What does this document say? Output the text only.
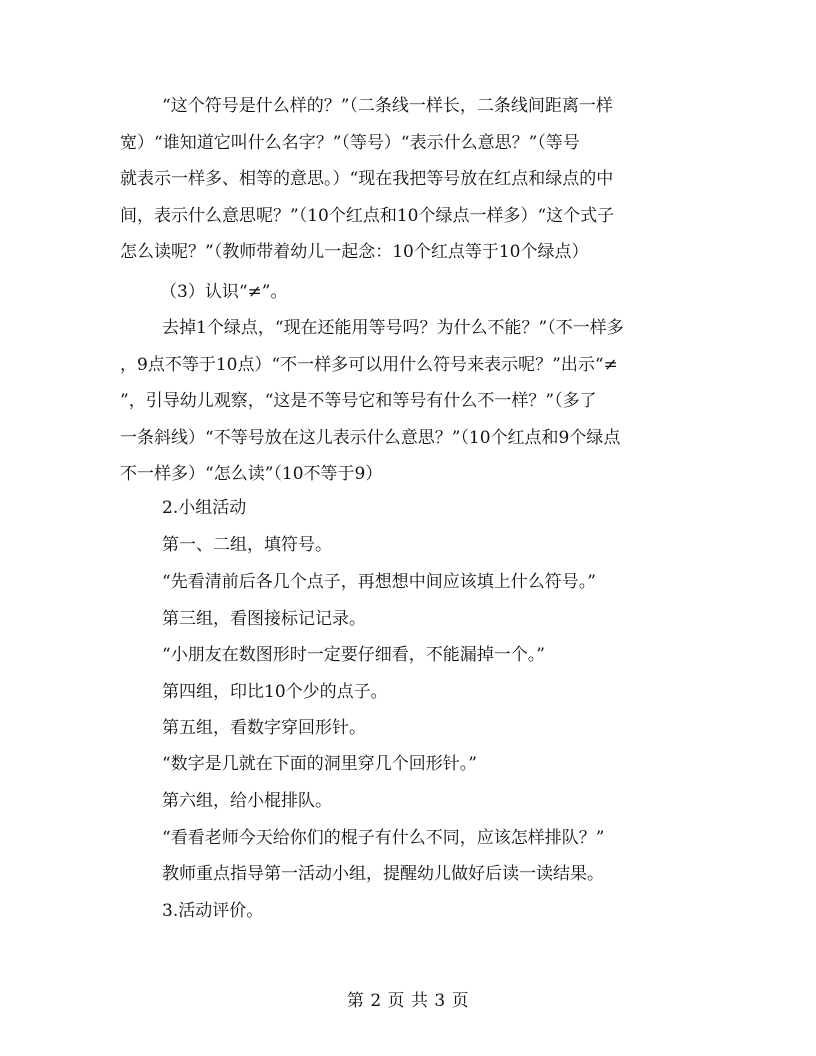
“这个符号是什么样的？”（二条线一样长，二条线间距离一样
宽）“谁知道它叫什么名字？”（等号）“表示什么意思？”（等号
就表示一样多、相等的意思。）“现在我把等号放在红点和绿点的中
间，表示什么意思呢？”（10个红点和10个绿点一样多）“这个式子
怎么读呢？”（教师带着幼儿一起念：10个红点等于10个绿点）
（3）认识“≠”。
去掉1个绿点，“现在还能用等号吗？为什么不能？”（不一样多
，9点不等于10点）“不一样多可以用什么符号来表示呢？”出示“≠
”，引导幼儿观察，“这是不等号它和等号有什么不一样？”（多了
一条斜线）“不等号放在这儿表示什么意思？”（10个红点和9个绿点
不一样多）“怎么读”（10不等于9）
2.小组活动
第一、二组，填符号。
“先看清前后各几个点子，再想想中间应该填上什么符号。”
第三组，看图接标记记录。
“小朋友在数图形时一定要仔细看，不能漏掉一个。”
第四组，印比10个少的点子。
第五组，看数字穿回形针。
“数字是几就在下面的洞里穿几个回形针。”
第六组，给小棍排队。
“看看老师今天给你们的棍子有什么不同，应该怎样排队？”
教师重点指导第一活动小组，提醒幼儿做好后读一读结果。
3.活动评价。
第 2 页 共 3 页
